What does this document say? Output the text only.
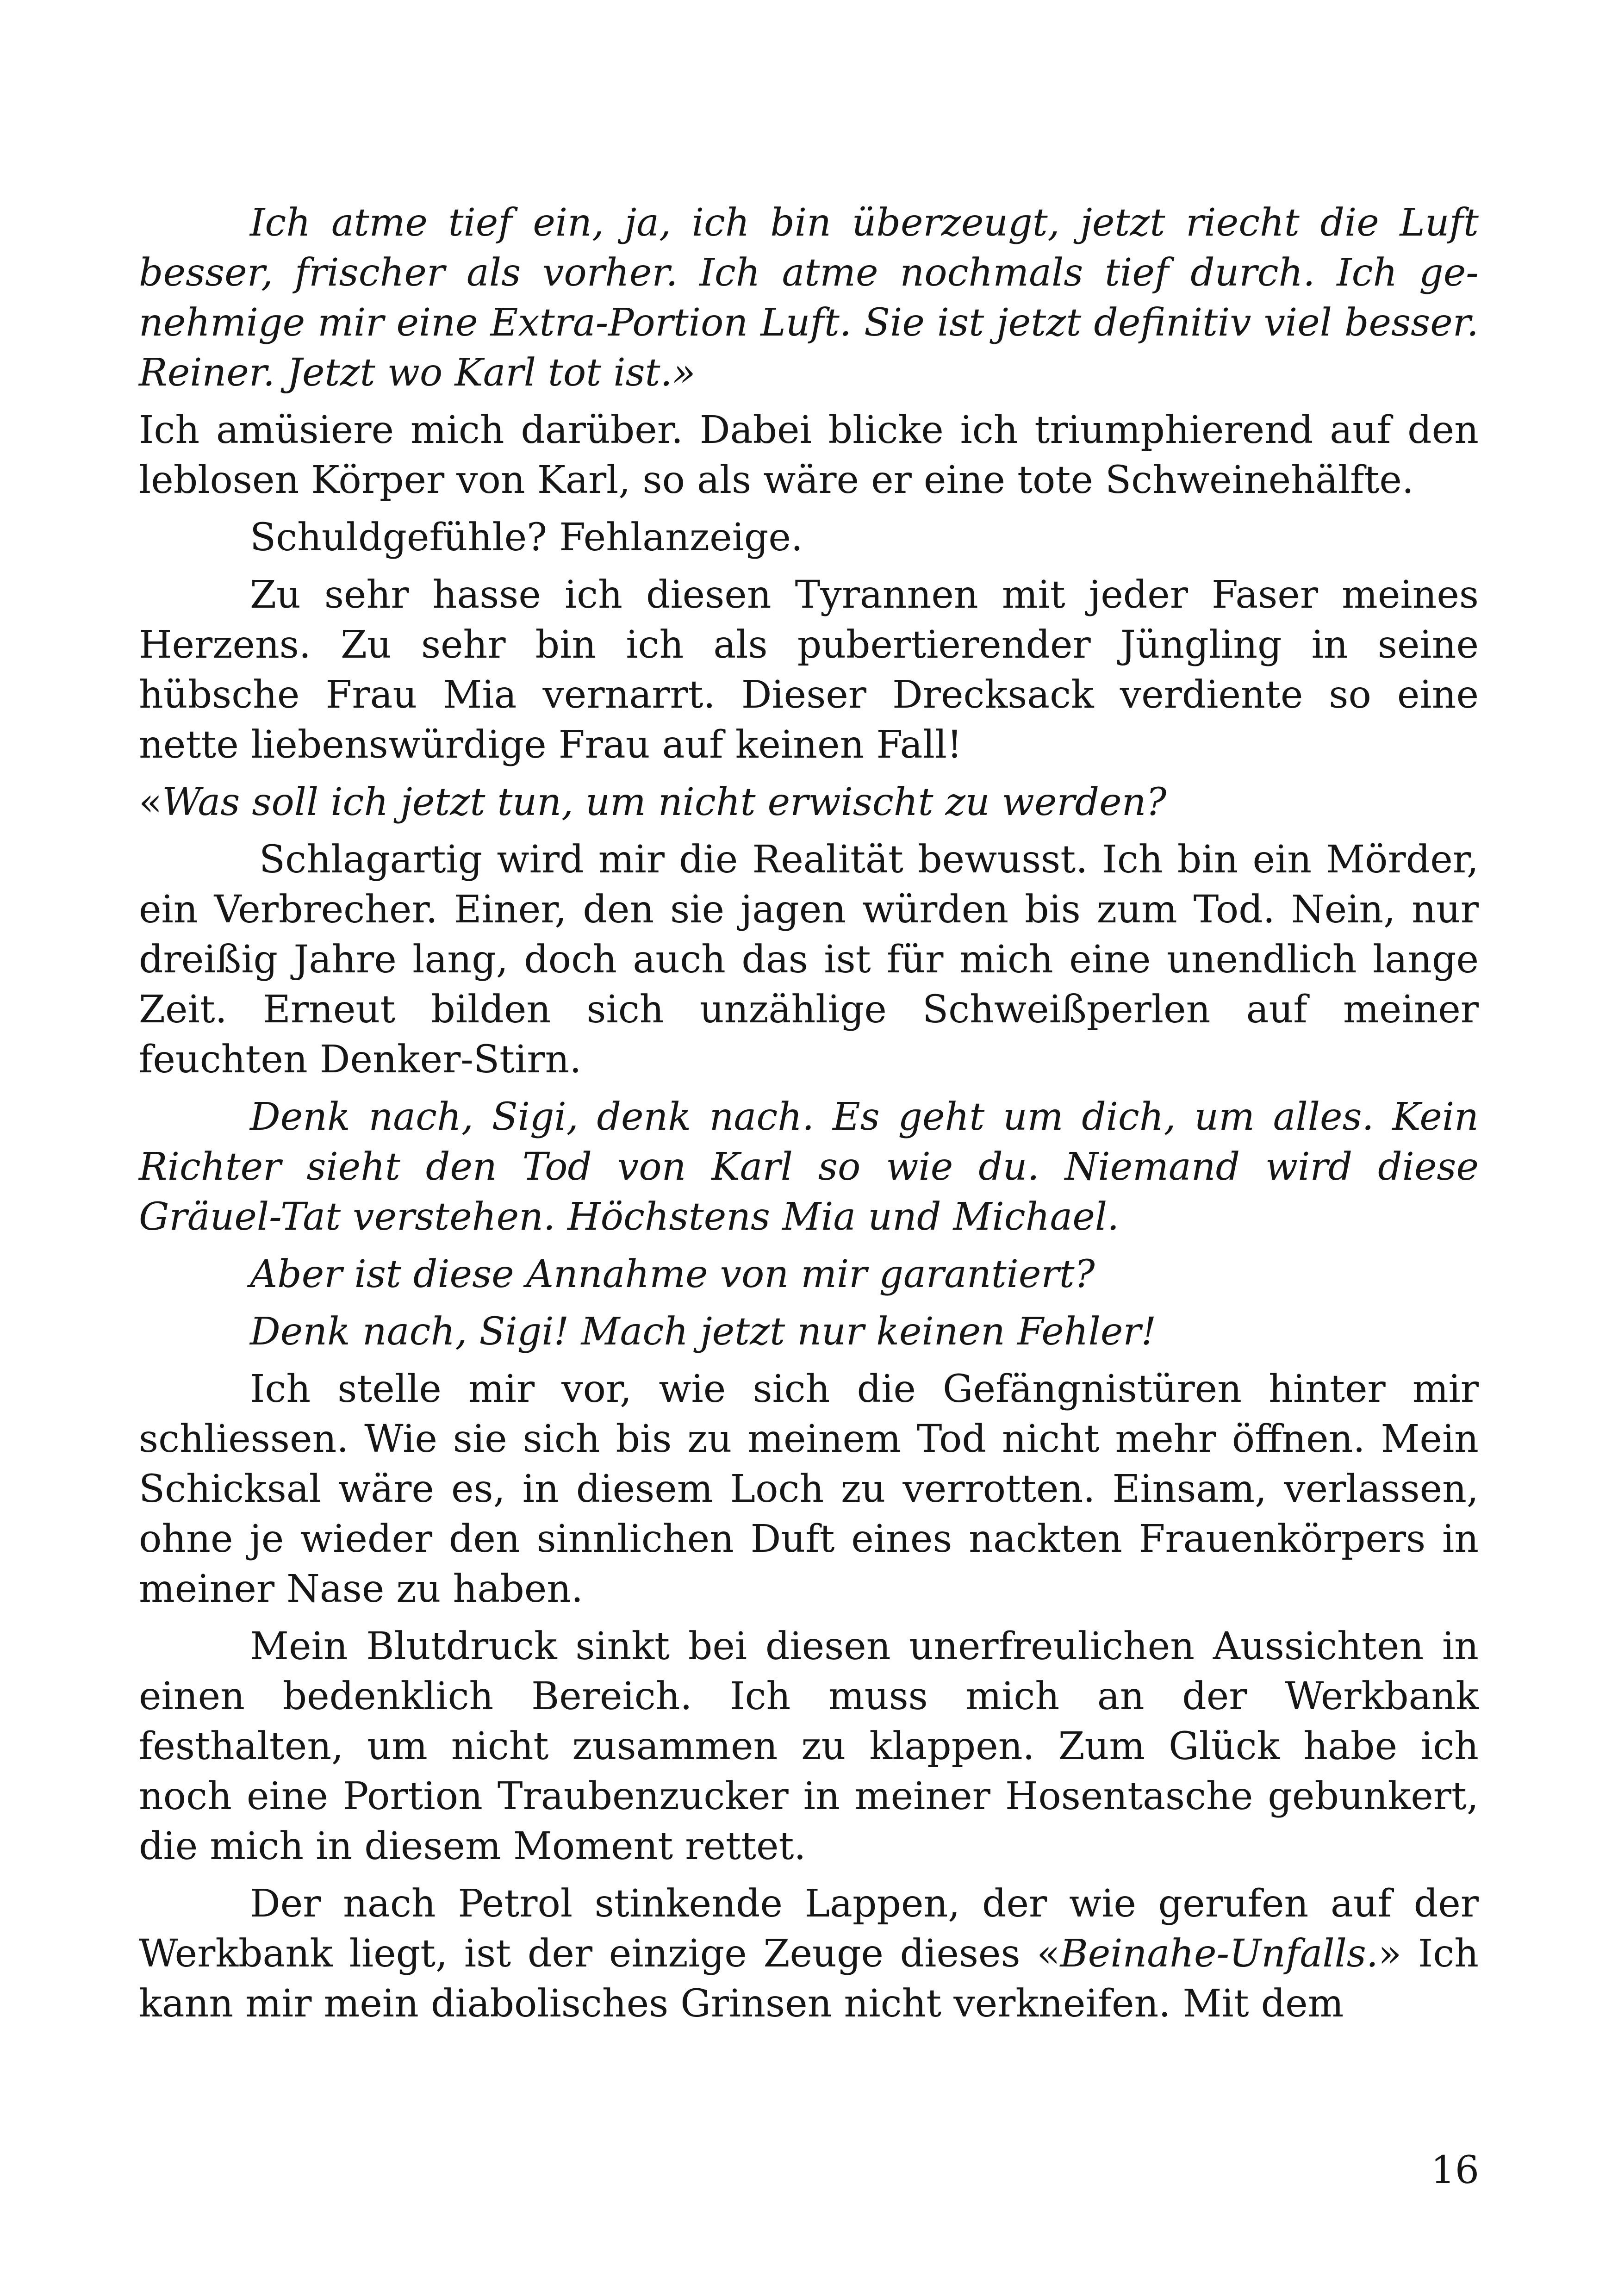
Ich atme tief ein, ja, ich bin überzeugt, jetzt riecht die Luft besser, frischer als vorher. Ich atme nochmals tief durch. Ich genehmige mir eine Extra-Portion Luft. Sie ist jetzt definitiv viel besser. Reiner. Jetzt wo Karl tot ist.»

Ich amüsiere mich darüber. Dabei blicke ich triumphierend auf den leblosen Körper von Karl, so als wäre er eine tote Schweinehälfte.

Schuldgefühle? Fehlanzeige.

Zu sehr hasse ich diesen Tyrannen mit jeder Faser meines Herzens. Zu sehr bin ich als pubertierender Jüngling in seine hübsche Frau Mia vernarrt. Dieser Drecksack verdiente so eine nette liebenswürdige Frau auf keinen Fall!

«Was soll ich jetzt tun, um nicht erwischt zu werden?

Schlagartig wird mir die Realität bewusst. Ich bin ein Mörder, ein Verbrecher. Einer, den sie jagen würden bis zum Tod. Nein, nur dreißig Jahre lang, doch auch das ist für mich eine unendlich lange Zeit. Erneut bilden sich unzählige Schweißperlen auf meiner feuchten Denker-Stirn.

Denk nach, Sigi, denk nach. Es geht um dich, um alles. Kein Richter sieht den Tod von Karl so wie du. Niemand wird diese Gräuel-Tat verstehen. Höchstens Mia und Michael.

Aber ist diese Annahme von mir garantiert?

Denk nach, Sigi! Mach jetzt nur keinen Fehler!

Ich stelle mir vor, wie sich die Gefängnistüren hinter mir schliessen. Wie sie sich bis zu meinem Tod nicht mehr öffnen. Mein Schicksal wäre es, in diesem Loch zu verrotten. Einsam, verlassen, ohne je wieder den sinnlichen Duft eines nackten Frauenkörpers in meiner Nase zu haben.

Mein Blutdruck sinkt bei diesen unerfreulichen Aussichten in einen bedenklich Bereich. Ich muss mich an der Werkbank festhalten, um nicht zusammen zu klappen. Zum Glück habe ich noch eine Portion Traubenzucker in meiner Hosentasche gebunkert, die mich in diesem Moment rettet.

Der nach Petrol stinkende Lappen, der wie gerufen auf der Werkbank liegt, ist der einzige Zeuge dieses «Beinahe-Unfalls.» Ich kann mir mein diabolisches Grinsen nicht verkneifen. Mit dem

16
